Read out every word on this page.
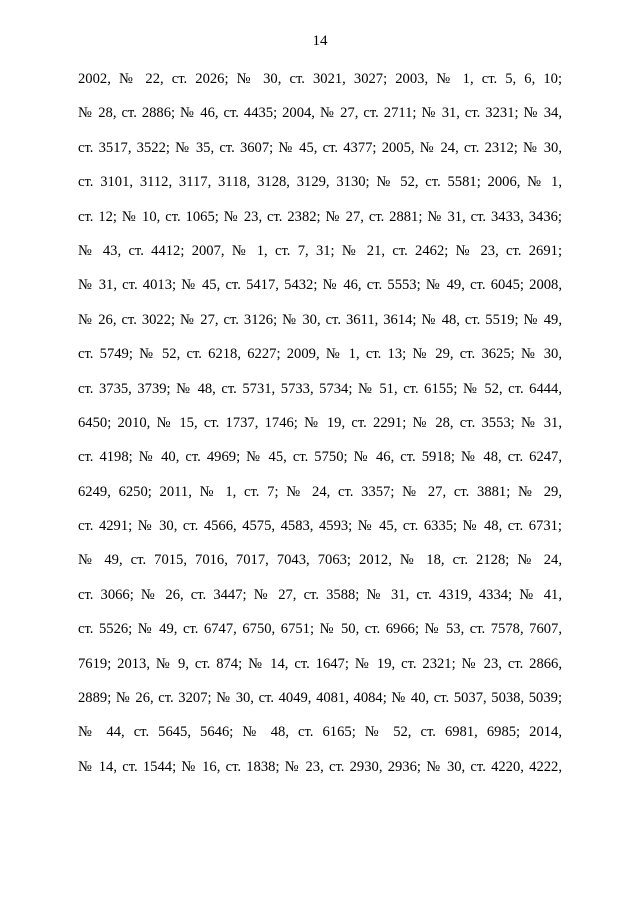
14
2002, № 22, ст. 2026; № 30, ст. 3021, 3027; 2003, № 1, ст. 5, 6, 10;
№ 28, ст. 2886; № 46, ст. 4435; 2004, № 27, ст. 2711; № 31, ст. 3231; № 34,
ст. 3517, 3522; № 35, ст. 3607; № 45, ст. 4377; 2005, № 24, ст. 2312; № 30,
ст. 3101, 3112, 3117, 3118, 3128, 3129, 3130; № 52, ст. 5581; 2006, № 1,
ст. 12; № 10, ст. 1065; № 23, ст. 2382; № 27, ст. 2881; № 31, ст. 3433, 3436;
№ 43, ст. 4412; 2007, № 1, ст. 7, 31; № 21, ст. 2462; № 23, ст. 2691;
№ 31, ст. 4013; № 45, ст. 5417, 5432; № 46, ст. 5553; № 49, ст. 6045; 2008,
№ 26, ст. 3022; № 27, ст. 3126; № 30, ст. 3611, 3614; № 48, ст. 5519; № 49,
ст. 5749; № 52, ст. 6218, 6227; 2009, № 1, ст. 13; № 29, ст. 3625; № 30,
ст. 3735, 3739; № 48, ст. 5731, 5733, 5734; № 51, ст. 6155; № 52, ст. 6444,
6450; 2010, № 15, ст. 1737, 1746; № 19, ст. 2291; № 28, ст. 3553; № 31,
ст. 4198; № 40, ст. 4969; № 45, ст. 5750; № 46, ст. 5918; № 48, ст. 6247,
6249, 6250; 2011, № 1, ст. 7; № 24, ст. 3357; № 27, ст. 3881; № 29,
ст. 4291; № 30, ст. 4566, 4575, 4583, 4593; № 45, ст. 6335; № 48, ст. 6731;
№ 49, ст. 7015, 7016, 7017, 7043, 7063; 2012, № 18, ст. 2128; № 24,
ст. 3066; № 26, ст. 3447; № 27, ст. 3588; № 31, ст. 4319, 4334; № 41,
ст. 5526; № 49, ст. 6747, 6750, 6751; № 50, ст. 6966; № 53, ст. 7578, 7607,
7619; 2013, № 9, ст. 874; № 14, ст. 1647; № 19, ст. 2321; № 23, ст. 2866,
2889; № 26, ст. 3207; № 30, ст. 4049, 4081, 4084; № 40, ст. 5037, 5038, 5039;
№ 44, ст. 5645, 5646; № 48, ст. 6165; № 52, ст. 6981, 6985; 2014,
№ 14, ст. 1544; № 16, ст. 1838; № 23, ст. 2930, 2936; № 30, ст. 4220, 4222,
